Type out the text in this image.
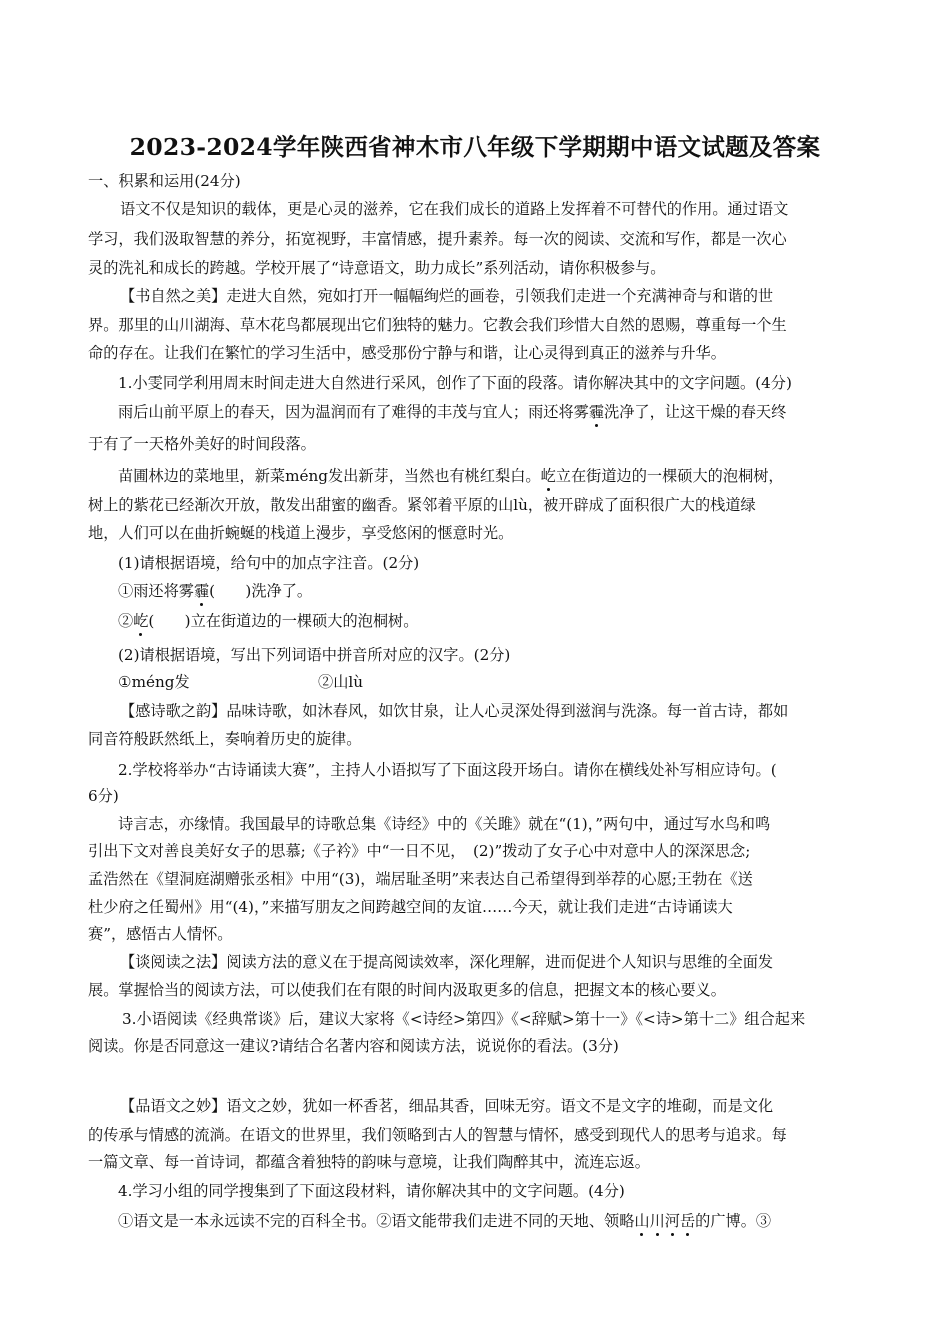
2023-2024学年陕西省神木市八年级下学期期中语文试题及答案
一、积累和运用(24分)
语文不仅是知识的载体，更是心灵的滋养，它在我们成长的道路上发挥着不可替代的作用。通过语文
学习，我们汲取智慧的养分，拓宽视野，丰富情感，提升素养。每一次的阅读、交流和写作，都是一次心
灵的洗礼和成长的跨越。学校开展了“诗意语文，助力成长”系列活动，请你积极参与。
【书自然之美】走进大自然，宛如打开一幅幅绚烂的画卷，引领我们走进一个充满神奇与和谐的世
界。那里的山川湖海、草木花鸟都展现出它们独特的魅力。它教会我们珍惜大自然的恩赐，尊重每一个生
命的存在。让我们在繁忙的学习生活中，感受那份宁静与和谐，让心灵得到真正的滋养与升华。
1.小雯同学利用周末时间走进大自然进行采风，创作了下面的段落。请你解决其中的文字问题。(4分)
雨后山前平原上的春天，因为温润而有了难得的丰茂与宜人；雨还将雾霾洗净了，让这干燥的春天终
于有了一天格外美好的时间段落。
苗圃林边的菜地里，新菜méng发出新芽，当然也有桃红梨白。屹立在街道边的一棵硕大的泡桐树，
树上的紫花已经渐次开放，散发出甜蜜的幽香。紧邻着平原的山lù，被开辟成了面积很广大的栈道绿
地，人们可以在曲折蜿蜒的栈道上漫步，享受悠闲的惬意时光。
(1)请根据语境，给句中的加点字注音。(2分)
①雨还将雾霾(　　)洗净了。
②屹(　　)立在街道边的一棵硕大的泡桐树。
(2)请根据语境，写出下列词语中拼音所对应的汉字。(2分)
①méng发	②山lù
【感诗歌之韵】品味诗歌，如沐春风，如饮甘泉，让人心灵深处得到滋润与洗涤。每一首古诗，都如
同音符般跃然纸上，奏响着历史的旋律。
2.学校将举办“古诗诵读大赛”，主持人小语拟写了下面这段开场白。请你在横线处补写相应诗句。(
6分)
诗言志，亦缘情。我国最早的诗歌总集《诗经》中的《关雎》就在“(1)，”两句中，通过写水鸟和鸣
引出下文对善良美好女子的思慕;《子衿》中“一日不见，　(2)”拨动了女子心中对意中人的深深思念;
孟浩然在《望洞庭湖赠张丞相》中用“(3)，端居耻圣明”来表达自己希望得到举荐的心愿;王勃在《送
杜少府之任蜀州》用“(4)，”来描写朋友之间跨越空间的友谊……今天，就让我们走进“古诗诵读大
赛”，感悟古人情怀。
【谈阅读之法】阅读方法的意义在于提高阅读效率，深化理解，进而促进个人知识与思维的全面发
展。掌握恰当的阅读方法，可以使我们在有限的时间内汲取更多的信息，把握文本的核心要义。
3.小语阅读《经典常谈》后，建议大家将《<诗经>第四》《<辞赋>第十一》《<诗>第十二》组合起来
阅读。你是否同意这一建议?请结合名著内容和阅读方法，说说你的看法。(3分)
【品语文之妙】语文之妙，犹如一杯香茗，细品其香，回味无穷。语文不是文字的堆砌，而是文化
的传承与情感的流淌。在语文的世界里，我们领略到古人的智慧与情怀，感受到现代人的思考与追求。每
一篇文章、每一首诗词，都蕴含着独特的韵味与意境，让我们陶醉其中，流连忘返。
4.学习小组的同学搜集到了下面这段材料，请你解决其中的文字问题。(4分)
①语文是一本永远读不完的百科全书。②语文能带我们走进不同的天地、领略山川河岳的广博。③
